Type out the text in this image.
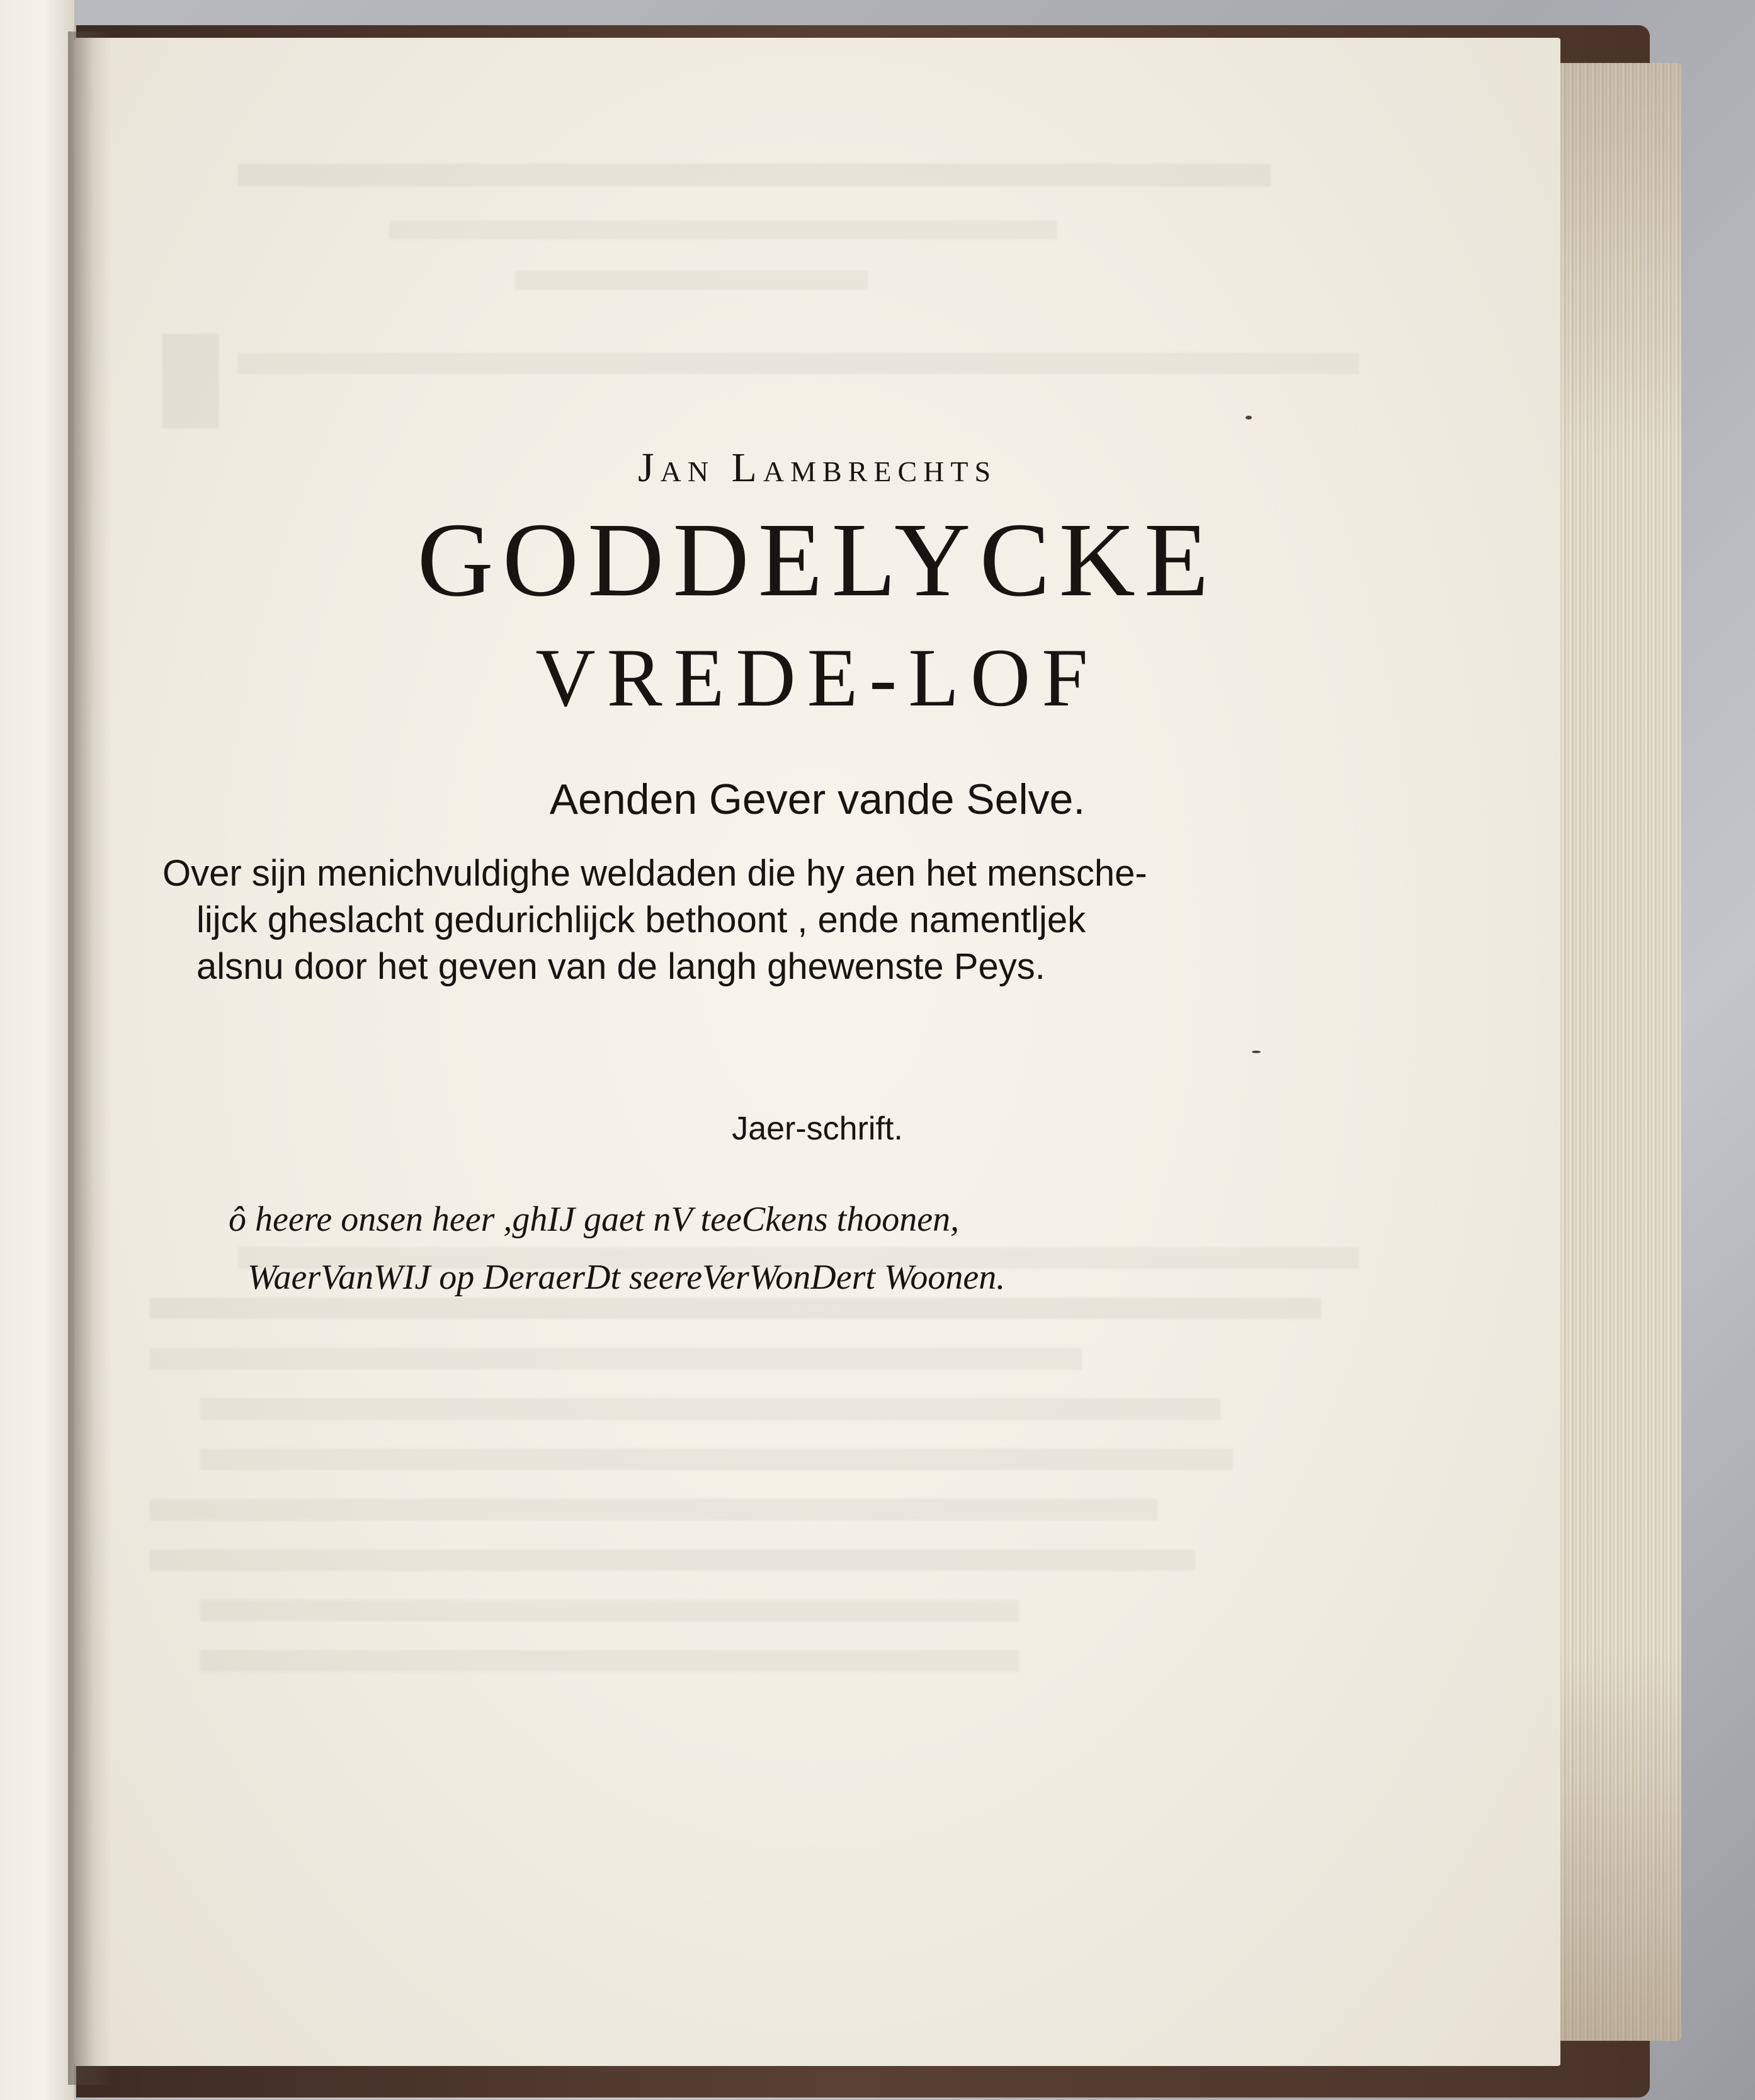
Jan Lambrechts
GODDELYCKE
VREDE-LOF
Aenden Gever vande Selve.
Over sijn menichvuldighe weldaden die hy aen het mensche-
lijck gheslacht gedurichlijck bethoont , ende namentljek
alsnu door het geven van de langh ghewenste Peys.
Jaer-schrift.
ô heere onsen heer ,ghIJ gaet nV teeCkens thoonen,
WaerVanWIJ op DeraerDt seereVerWonDert Woonen.
